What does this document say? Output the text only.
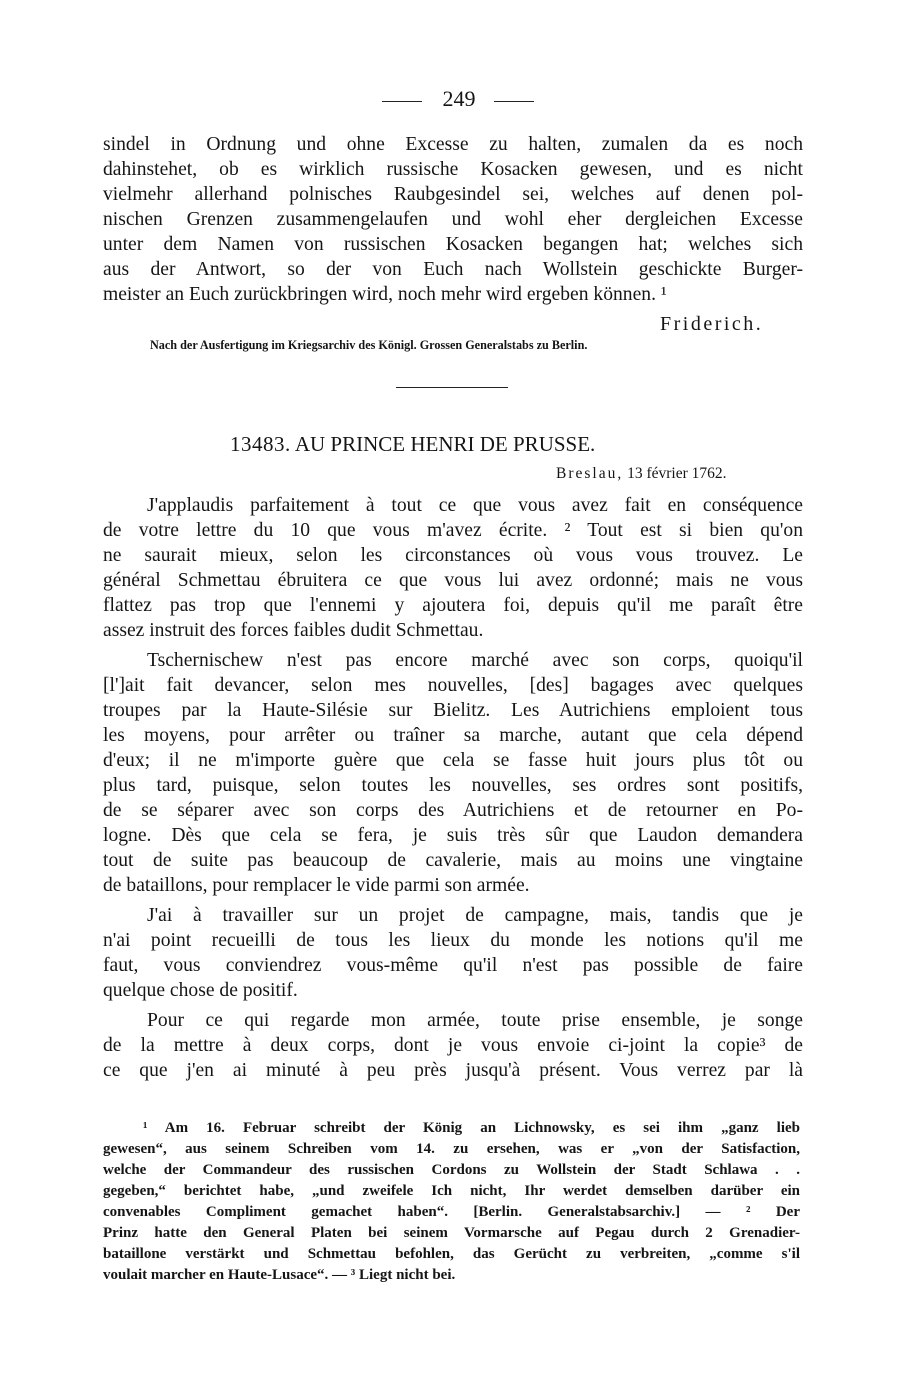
249
sindel in Ordnung und ohne Excesse zu halten, zumalen da es noch
dahinstehet, ob es wirklich russische Kosacken gewesen, und es nicht
vielmehr allerhand polnisches Raubgesindel sei, welches auf denen pol-
nischen Grenzen zusammengelaufen und wohl eher dergleichen Excesse
unter dem Namen von russischen Kosacken begangen hat; welches sich
aus der Antwort, so der von Euch nach Wollstein geschickte Burger-
meister an Euch zurückbringen wird, noch mehr wird ergeben können. ¹
Friderich.
Nach der Ausfertigung im Kriegsarchiv des Königl. Grossen Generalstabs zu Berlin.
13483. AU PRINCE HENRI DE PRUSSE.
Breslau, 13 février 1762.
J'applaudis parfaitement à tout ce que vous avez fait en conséquence
de votre lettre du 10 que vous m'avez écrite. ² Tout est si bien qu'on
ne saurait mieux, selon les circonstances où vous vous trouvez. Le
général Schmettau ébruitera ce que vous lui avez ordonné; mais ne vous
flattez pas trop que l'ennemi y ajoutera foi, depuis qu'il me paraît être
assez instruit des forces faibles dudit Schmettau.
Tschernischew n'est pas encore marché avec son corps, quoiqu'il
[l']ait fait devancer, selon mes nouvelles, [des] bagages avec quelques
troupes par la Haute-Silésie sur Bielitz. Les Autrichiens emploient tous
les moyens, pour arrêter ou traîner sa marche, autant que cela dépend
d'eux; il ne m'importe guère que cela se fasse huit jours plus tôt ou
plus tard, puisque, selon toutes les nouvelles, ses ordres sont positifs,
de se séparer avec son corps des Autrichiens et de retourner en Po-
logne. Dès que cela se fera, je suis très sûr que Laudon demandera
tout de suite pas beaucoup de cavalerie, mais au moins une vingtaine
de bataillons, pour remplacer le vide parmi son armée.
J'ai à travailler sur un projet de campagne, mais, tandis que je
n'ai point recueilli de tous les lieux du monde les notions qu'il me
faut, vous conviendrez vous-même qu'il n'est pas possible de faire
quelque chose de positif.
Pour ce qui regarde mon armée, toute prise ensemble, je songe
de la mettre à deux corps, dont je vous envoie ci-joint la copie³ de
ce que j'en ai minuté à peu près jusqu'à présent. Vous verrez par là
¹ Am 16. Februar schreibt der König an Lichnowsky, es sei ihm „ganz lieb
gewesen“, aus seinem Schreiben vom 14. zu ersehen, was er „von der Satisfaction,
welche der Commandeur des russischen Cordons zu Wollstein der Stadt Schlawa . .
gegeben,“ berichtet habe, „und zweifele Ich nicht, Ihr werdet demselben darüber ein
convenables Compliment gemachet haben“. [Berlin. Generalstabsarchiv.] — ² Der
Prinz hatte den General Platen bei seinem Vormarsche auf Pegau durch 2 Grenadier-
bataillone verstärkt und Schmettau befohlen, das Gerücht zu verbreiten, „comme s'il
voulait marcher en Haute-Lusace“. — ³ Liegt nicht bei.
